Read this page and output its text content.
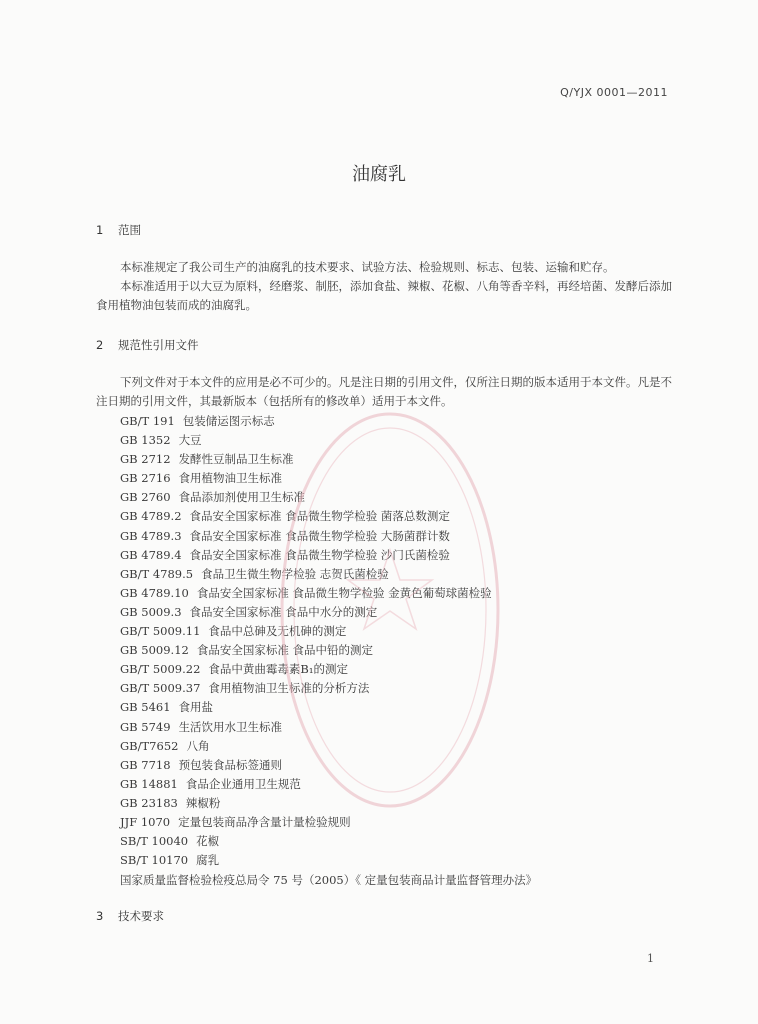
Q/YJX 0001—2011
油腐乳
1 范围

本标准规定了我公司生产的油腐乳的技术要求、试验方法、检验规则、标志、包装、运输和贮存。

本标准适用于以大豆为原料，经磨浆、制胚，添加食盐、辣椒、花椒、八角等香辛料，再经培菌、发酵后添加食用植物油包装而成的油腐乳。

2 规范性引用文件

下列文件对于本文件的应用是必不可少的。凡是注日期的引用文件，仅所注日期的版本适用于本文件。凡是不注日期的引用文件，其最新版本（包括所有的修改单）适用于本文件。

GB/T 191 包装储运图示标志
GB 1352 大豆
GB 2712 发酵性豆制品卫生标准
GB 2716 食用植物油卫生标准
GB 2760 食品添加剂使用卫生标准
GB 4789.2 食品安全国家标准 食品微生物学检验 菌落总数测定
GB 4789.3 食品安全国家标准 食品微生物学检验 大肠菌群计数
GB 4789.4 食品安全国家标准 食品微生物学检验 沙门氏菌检验
GB/T 4789.5 食品卫生微生物学检验 志贺氏菌检验
GB 4789.10 食品安全国家标准 食品微生物学检验 金黄色葡萄球菌检验
GB 5009.3 食品安全国家标准 食品中水分的测定
GB/T 5009.11 食品中总砷及无机砷的测定
GB 5009.12 食品安全国家标准 食品中铅的测定
GB/T 5009.22 食品中黄曲霉毒素B₁的测定
GB/T 5009.37 食用植物油卫生标准的分析方法
GB 5461 食用盐
GB 5749 生活饮用水卫生标准
GB/T7652 八角
GB 7718 预包装食品标签通则
GB 14881 食品企业通用卫生规范
GB 23183 辣椒粉
JJF 1070 定量包装商品净含量计量检验规则
SB/T 10040 花椒
SB/T 10170 腐乳
国家质量监督检验检疫总局令 75 号（2005）《 定量包装商品计量监督管理办法》
3 技术要求
1
